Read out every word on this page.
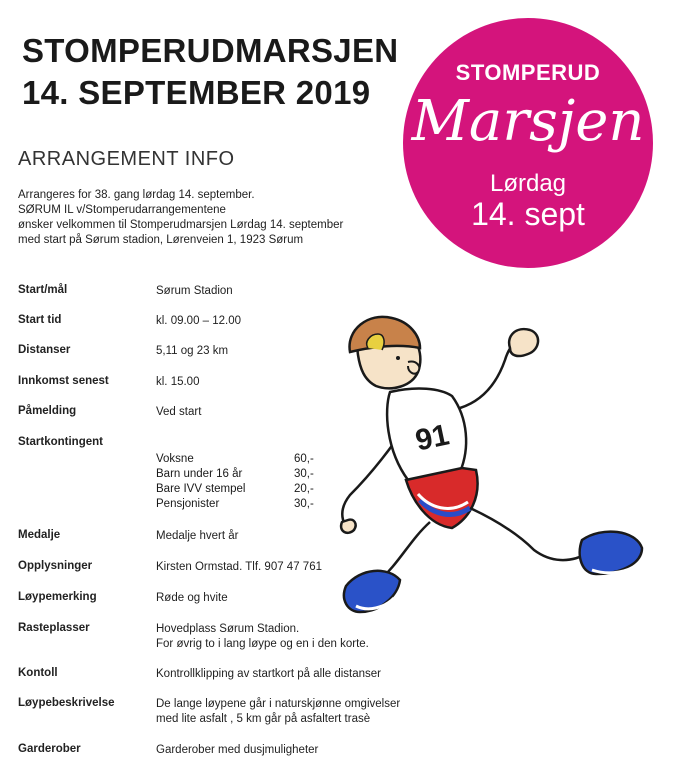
STOMPERUDMARSJEN
14. SEPTEMBER 2019
STOMPERUD
Marsjen
Lørdag
14. sept
ARRANGEMENT INFO
Arrangeres for 38. gang lørdag 14. september.
SØRUM IL v/Stomperudarrangementene
ønsker velkommen til Stomperudmarsjen Lørdag 14. september
med start på Sørum stadion, Lørenveien 1, 1923 Sørum
Start/mål	Sørum Stadion
Start tid	kl. 09.00 – 12.00
Distanser	5,11 og 23 km
Innkomst senest	kl. 15.00
Påmelding	Ved start
Startkontingent
Voksne	60,-
Barn under 16 år	30,-
Bare IVV stempel	20,-
Pensjonister	30,-
Medalje	Medalje hvert år
Opplysninger	Kirsten Ormstad. Tlf. 907 47 761
Løypemerking	Røde og hvite
Rasteplasser	Hovedplass Sørum Stadion.
For øvrig to i lang løype og en i den korte.
Kontoll	Kontrollklipping av startkort på alle distanser
Løypebeskrivelse	De lange løypene går i naturskjønne omgivelser
med lite asfalt , 5 km går på asfaltert trasè
Garderober	Garderober med dusjmuligheter
91
